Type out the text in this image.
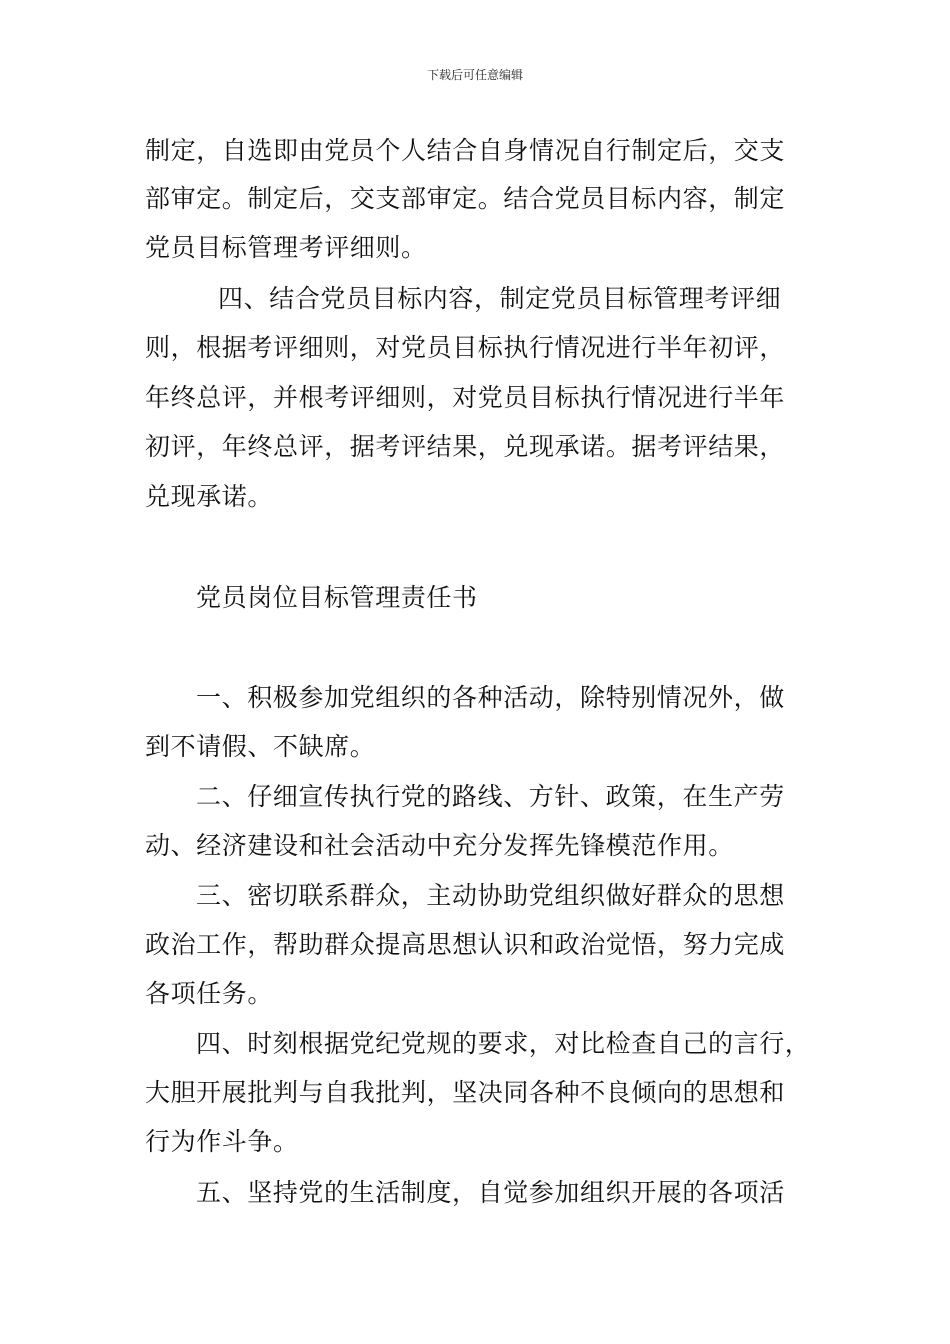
下载后可任意编辑
制定，自选即由党员个人结合自身情况自行制定后，交支
部审定。制定后，交支部审定。结合党员目标内容，制定
党员目标管理考评细则。
四、结合党员目标内容，制定党员目标管理考评细
则，根据考评细则，对党员目标执行情况进行半年初评，
年终总评，并根考评细则，对党员目标执行情况进行半年
初评，年终总评，据考评结果，兑现承诺。据考评结果，
兑现承诺。
党员岗位目标管理责任书
一、积极参加党组织的各种活动，除特别情况外，做
到不请假、不缺席。
二、仔细宣传执行党的路线、方针、政策，在生产劳
动、经济建设和社会活动中充分发挥先锋模范作用。
三、密切联系群众，主动协助党组织做好群众的思想
政治工作，帮助群众提高思想认识和政治觉悟，努力完成
各项任务。
四、时刻根据党纪党规的要求，对比检查自己的言行，
大胆开展批判与自我批判，坚决同各种不良倾向的思想和
行为作斗争。
五、坚持党的生活制度，自觉参加组织开展的各项活
